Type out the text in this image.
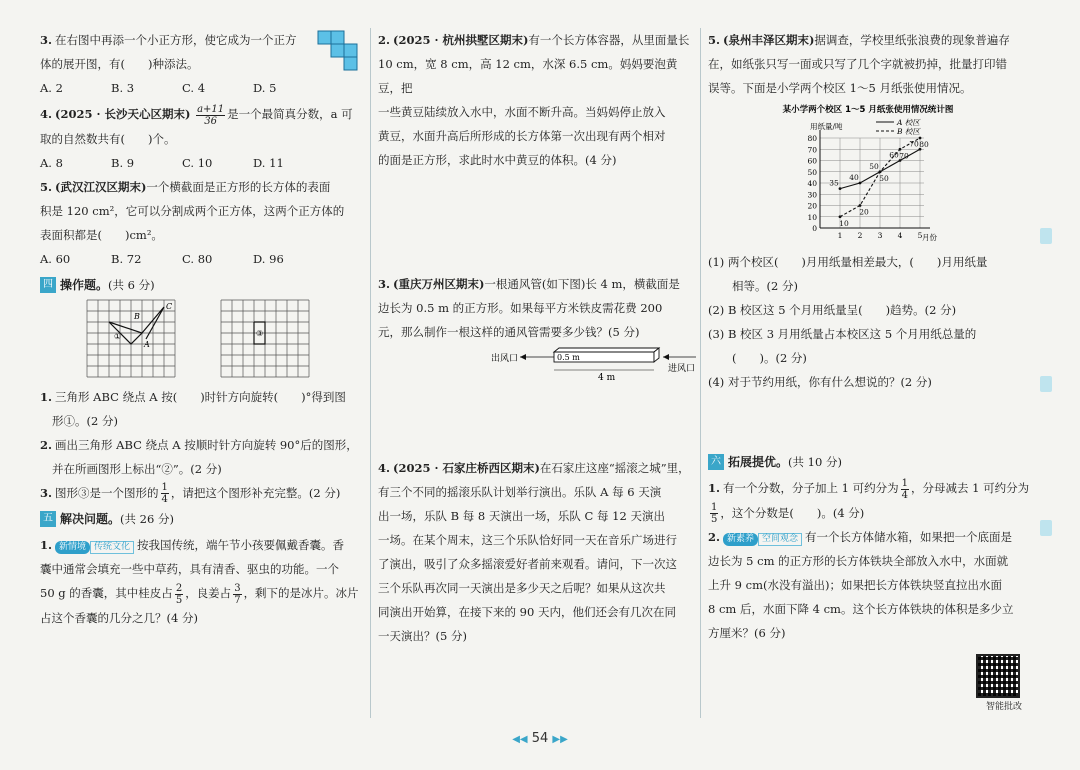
3. 在右图中再添一个小正方形，使它成为一个正方
体的展开图，有(　　)种添法。
A. 2	B. 3	C. 4	D. 5
4. (2025 · 长沙天心区期末) $\frac{a+11}{36}$ 是一个最简真分数，a 可
取的自然数共有(　　)个。
A. 8	B. 9	C. 10	D. 11
5. (武汉江汉区期末)一个横截面是正方形的长方体的表面
积是 120 cm²，它可以分割成两个正方体，这两个正方体的
表面积都是(　　)cm²。
A. 60	B. 72	C. 80	D. 96
四 操作题。 (共 6 分)
B
C
A
①	③
1. 三角形 ABC 绕点 A 按(　　)时针方向旋转(　　)°得到图
形①。(2 分)
2. 画出三角形 ABC 绕点 A 按顺时针方向旋转 90°后的图形，
并在所画图形上标出“②”。(2 分)
3. 图形③是一个图形的 $\frac{1}{4}$ ，请把这个图形补充完整。(2 分)
五 解决问题。 (共 26 分)
1. 新情境 传统文化 按我国传统，端午节小孩要佩戴香囊。香
囊中通常会填充一些中草药，具有清香、驱虫的功能。一个
50 g 的香囊，其中桂皮占 $\frac{2}{5}$ ，良姜占 $\frac{3}{7}$ ，剩下的是冰片。冰片
占这个香囊的几分之几？(4 分)
2. (2025 · 杭州拱墅区期末)有一个长方体容器，从里面量长
10 cm，宽 8 cm，高 12 cm，水深 6.5 cm。妈妈要泡黄豆，把
一些黄豆陆续放入水中，水面不断升高。当妈妈停止放入
黄豆，水面升高后所形成的长方体第一次出现有两个相对
的面是正方形，求此时水中黄豆的体积。(4 分)
3. (重庆万州区期末)一根通风管(如下图)长 4 m，横截面是
边长为 0.5 m 的正方形。如果每平方米铁皮需花费 200
元，那么制作一根这样的通风管需要多少钱？(5 分)
出风口	0.5 m
进风口
4 m
4. (2025 · 石家庄桥西区期末)在石家庄这座“摇滚之城”里，
有三个不同的摇滚乐队计划举行演出。乐队 A 每 6 天演
出一场，乐队 B 每 8 天演出一场，乐队 C 每 12 天演出
一场。在某个周末，这三个乐队恰好同一天在音乐广场进行
了演出，吸引了众多摇滚爱好者前来观看。请问，下一次这
三个乐队再次同一天演出是多少天之后呢？如果从这次共
同演出开始算，在接下来的 90 天内，他们还会有几次在同
一天演出？(5 分)
5. (泉州丰泽区期末)据调查，学校里纸张浪费的现象普遍存
在，如纸张只写一面或只写了几个字就被扔掉，批量打印错
误等。下面是小学两个校区 1～5 月纸张使用情况。
某小学两个校区 1～5 月纸张使用情况统计图
用纸量/吨
月份
A 校区
B 校区
0
10
20
30
40
50
60
70
80
1 2 3 4 5
35
40
50
60
70
10
20
50
70
80
(1) 两个校区(　　)月用纸量相差最大，(　　)月用纸量
相等。(2 分)
(2) B 校区这 5 个月用纸量呈(　　)趋势。(2 分)
(3) B 校区 3 月用纸量占本校区这 5 个月用纸总量的
(　　)。(2 分)
(4) 对于节约用纸，你有什么想说的？(2 分)
六 拓展提优。 (共 10 分)
1. 有一个分数，分子加上 1 可约分为 $\frac{1}{4}$ ，分母减去 1 可约分为
$\frac{1}{5}$ ，这个分数是(　　)。(4 分)
2. 新素养 空间观念 有一个长方体储水箱，如果把一个底面是
边长为 5 cm 的正方形的长方体铁块全部放入水中，水面就
上升 9 cm(水没有溢出)；如果把长方体铁块竖直拉出水面
8 cm 后，水面下降 4 cm。这个长方体铁块的体积是多少立
方厘米？(6 分)
智能批改
◀◀ 54 ▶▶
